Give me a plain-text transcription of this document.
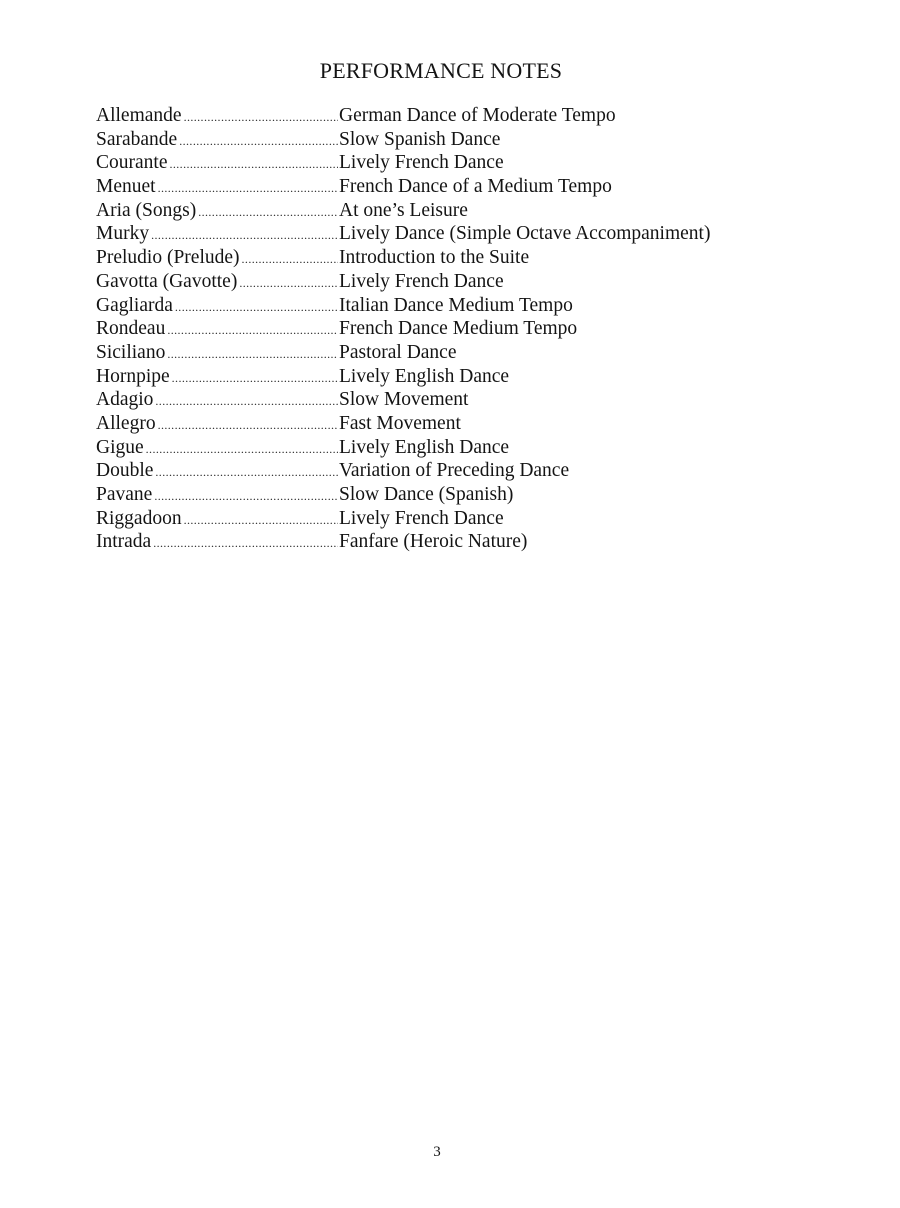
PERFORMANCE NOTES
Allemande .....	German Dance of Moderate Tempo
Sarabande .....	Slow Spanish Dance
Courante .....	Lively French Dance
Menuet .....	French Dance of a Medium Tempo
Aria (Songs) .....	At one’s Leisure
Murky .....	Lively Dance (Simple Octave Accompaniment)
Preludio (Prelude) .....	Introduction to the Suite
Gavotta (Gavotte) .....	Lively French Dance
Gagliarda .....	Italian Dance Medium Tempo
Rondeau .....	French Dance Medium Tempo
Siciliano .....	Pastoral Dance
Hornpipe .....	Lively English Dance
Adagio .....	Slow Movement
Allegro .....	Fast Movement
Gigue .....	Lively English Dance
Double .....	Variation of Preceding Dance
Pavane .....	Slow Dance (Spanish)
Riggadoon .....	Lively French Dance
Intrada .....	Fanfare (Heroic Nature)
3
